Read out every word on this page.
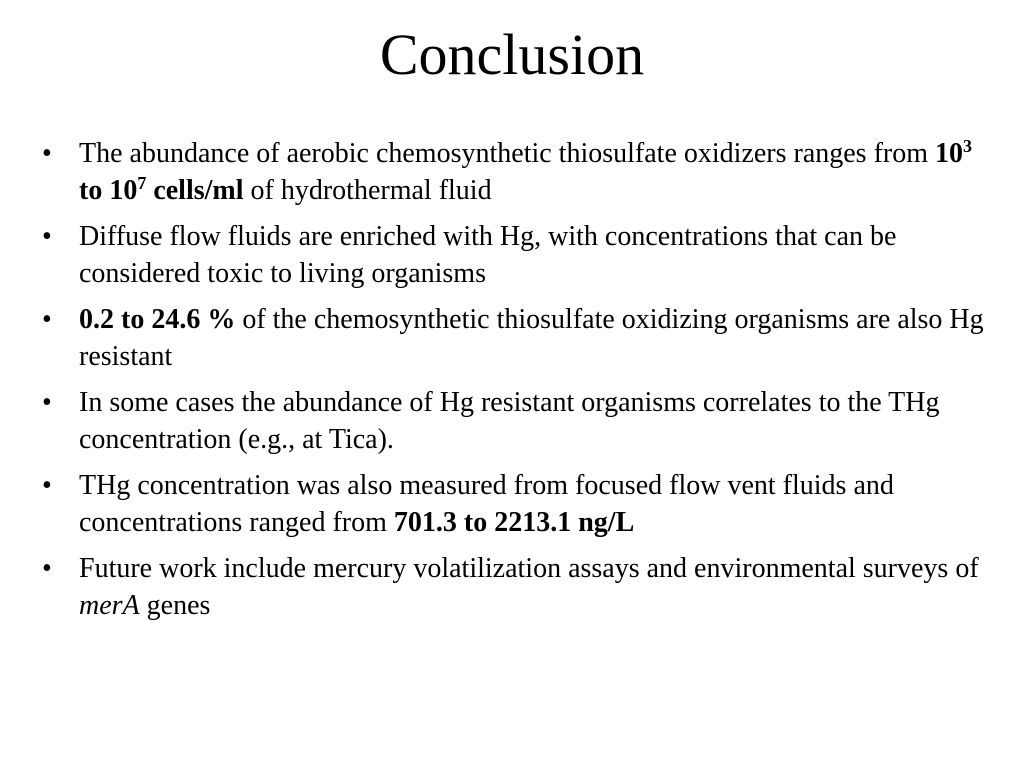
Conclusion
• The abundance of aerobic chemosynthetic thiosulfate oxidizers ranges from $10^3$ to $10^7$ cells/ml of hydrothermal fluid
• Diffuse flow fluids are enriched with Hg, with concentrations that can be considered toxic to living organisms
• 0.2 to 24.6 % of the chemosynthetic thiosulfate oxidizing organisms are also Hg resistant
• In some cases the abundance of Hg resistant organisms correlates to the THg concentration (e.g., at Tica).
• THg concentration was also measured from focused flow vent fluids and concentrations ranged from 701.3 to 2213.1 ng/L
• Future work include mercury volatilization assays and environmental surveys of merA genes
